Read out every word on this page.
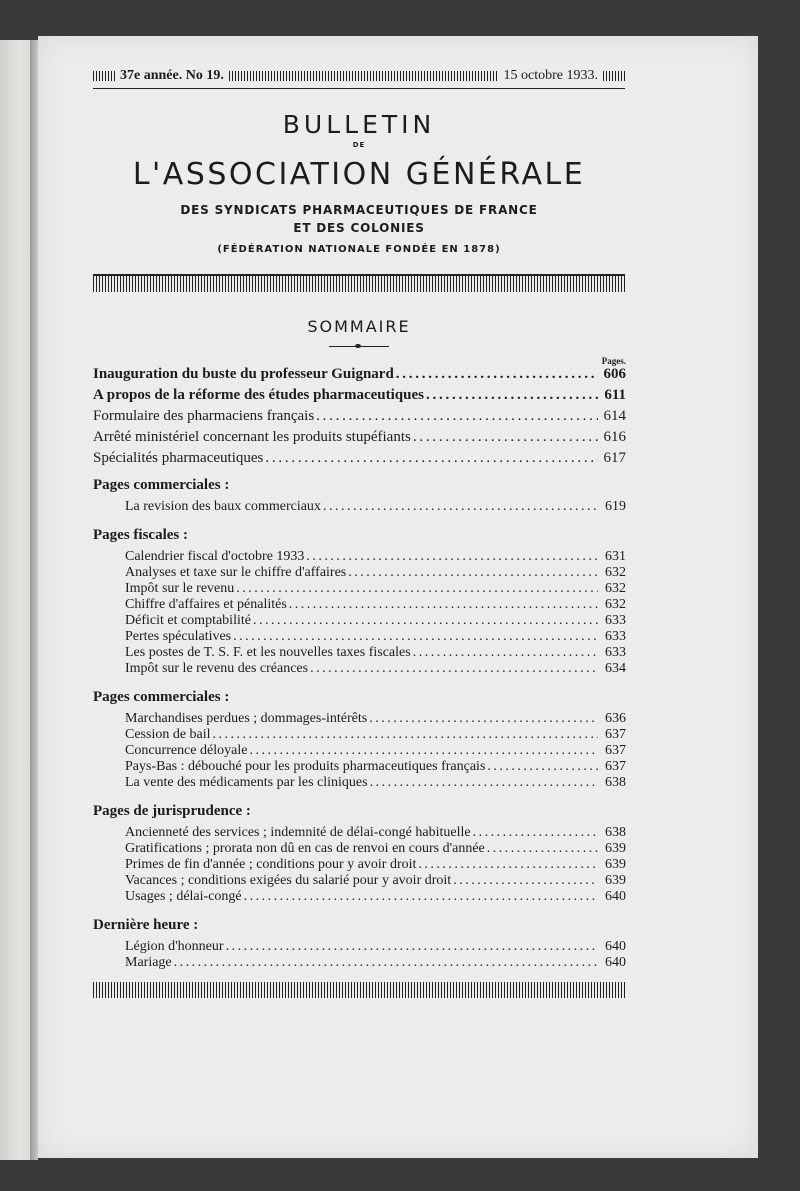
37e année. No 19.	15 octobre 1933.
BULLETIN
DE
L'ASSOCIATION GÉNÉRALE
DES SYNDICATS PHARMACEUTIQUES DE FRANCE
ET DES COLONIES
(FÉDÉRATION NATIONALE FONDÉE EN 1878)
SOMMAIRE
Pages.
Inauguration du buste du professeur Guignard . . .	606
A propos de la réforme des études pharmaceutiques . . .	611
Formulaire des pharmaciens français . . .	614
Arrêté ministériel concernant les produits stupéfiants . . .	616
Spécialités pharmaceutiques . . .	617
Pages commerciales :
La revision des baux commerciaux . . .	619
Pages fiscales :
Calendrier fiscal d'octobre 1933 . . .	631
Analyses et taxe sur le chiffre d'affaires . . .	632
Impôt sur le revenu . . .	632
Chiffre d'affaires et pénalités . . .	632
Déficit et comptabilité . . .	633
Pertes spéculatives . . .	633
Les postes de T. S. F. et les nouvelles taxes fiscales . . .	633
Impôt sur le revenu des créances . . .	634
Pages commerciales :
Marchandises perdues ; dommages-intérêts . . .	636
Cession de bail . . .	637
Concurrence déloyale . . .	637
Pays-Bas : débouché pour les produits pharmaceutiques français . . .	637
La vente des médicaments par les cliniques . . .	638
Pages de jurisprudence :
Ancienneté des services ; indemnité de délai-congé habituelle . . .	638
Gratifications ; prorata non dû en cas de renvoi en cours d'année . . .	639
Primes de fin d'année ; conditions pour y avoir droit . . .	639
Vacances ; conditions exigées du salarié pour y avoir droit . . .	639
Usages ; délai-congé . . .	640
Dernière heure :
Légion d'honneur . . .	640
Mariage . . .	640
